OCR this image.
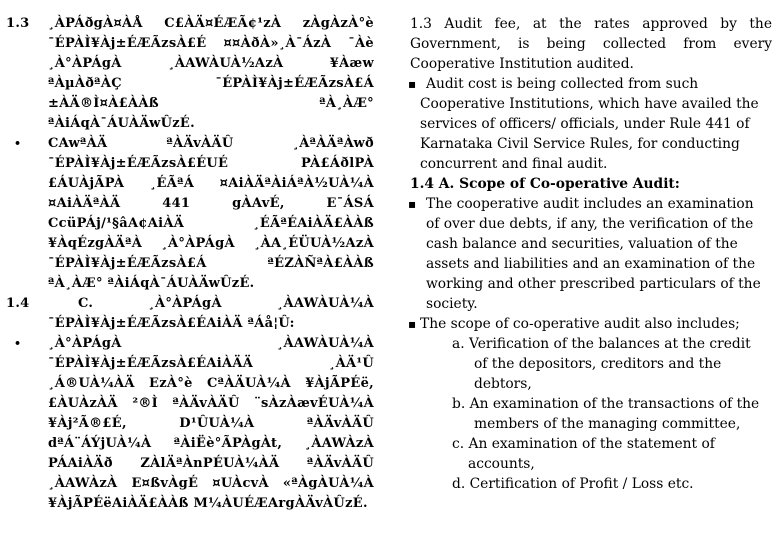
1.3 ¸ÀPÁðgÀ¤ÀÅ C£ÀÄ¤ÉÆÃ¢¹zÀ zÀgÀzÀ°è
¯ÉPÀÌ¥Àj±ÉÆÃzsÀ£É ¤¤ÀðÀ»¸À¯ÁzÀ ¯Àè
¸À°ÀPÁgÀ ¸ÀAWÀUÀ½AzÀ ¥Àæw
ªÀµÀðªÀÇ ¯ÉPÀÌ¥Àj±ÉÆÃzsÀ£Á
±ÀÄ®Ì¤À£ÀÀß ªÀ¸ÀÆ°
ªÀiÁqÀ¯ÁUÀÄwÛzÉ.
• CAwªÀÄ ªÀÄvÀÄÛ ¸ÀªÀÄªÀwð
¯ÉPÀÌ¥Àj±ÉÆÃzsÀ£ÉUÉ PÀ£ÁðlPÀ
£ÁUÀjÃPÀ ¸ÉÃªÁ ¤AiÀÄªÀiÁªÀ½UÀ¼À
¤AiÀÄªÀÄ 441 gÀAvÉ, E¯ÁSÁ
CcüPÁj/¹§âA¢AiÀÄ ¸ÉÃªÉAiÀÄ£ÀÀß
¥ÀqÉzgÀÄªÀ ¸À°ÀPÁgÀ ¸ÀA¸ÉÜUÀ½AzÀ
¯ÉPÀÌ¥Àj±ÉÆÃzsÀ£Á ªÉZÀÑªÀ£ÀÀß
ªÀ¸ÀÆ° ªÀiÁqÀ¯ÁUÀÄwÛzÉ.
1.4	C. ¸À°ÀPÁgÀ ¸ÀAWÀUÀ¼À
¯ÉPÀÌ¥Àj±ÉÆÃzsÀ£ÉAiÀÄ ªÁå¦Û:
• ¸À°ÀPÁgÀ ¸ÀAWÀUÀ¼À
¯ÉPÀÌ¥Àj±ÉÆÃzsÀ£ÉAiÀÄÄ ¸ÀÄ¹Û
¸Á®UÀ¼ÀÄ EzÀ°è CªÀÄUÀ¼À ¥ÀjÃPÉë,
£ÀUÀzÀÄ ²®Ì ªÀÄvÀÄÛ ¨sÀzÀævÉUÀ¼À
¥Àj²Ã®£É, D¹ÛUÀ¼À ªÀÄvÀÄÛ
dªÁ¨ÁÝjUÀ¼À ªÀiËè°ÃPÀgÀt, ¸ÀAWÀzÀ
PÁAiÀÄð ZÀlÄªÀnPÉUÀ¼ÀÄ ªÀÄvÀÄÛ
¸ÀAWÀzÀ E¤ßvÀgÉ ¤UÀcvÀ «ªÀgÀUÀ¼À
¥ÀjÃPÉëAiÀÄ£ÀÀß M¼ÀUÉÆArgÀÄvÀÛzÉ.
1.3 Audit fee, at the rates approved by the
Government, is being collected from every
Cooperative Institution audited.
▪ Audit cost is being collected from such
Cooperative Institutions, which have availed the
services of officers/ officials, under Rule 441 of
Karnataka Civil Service Rules, for conducting
concurrent and final audit.
1.4 A. Scope of Co-operative Audit:
▪ The cooperative audit includes an examination
of over due debts, if any, the verification of the
cash balance and securities, valuation of the
assets and liabilities and an examination of the
working and other prescribed particulars of the
society.
▪ The scope of co-operative audit also includes;
a. Verification of the balances at the credit
of the depositors, creditors and the
debtors,
b. An examination of the transactions of the
members of the managing committee,
c. An examination of the statement of
accounts,
d. Certification of Profit / Loss etc.
